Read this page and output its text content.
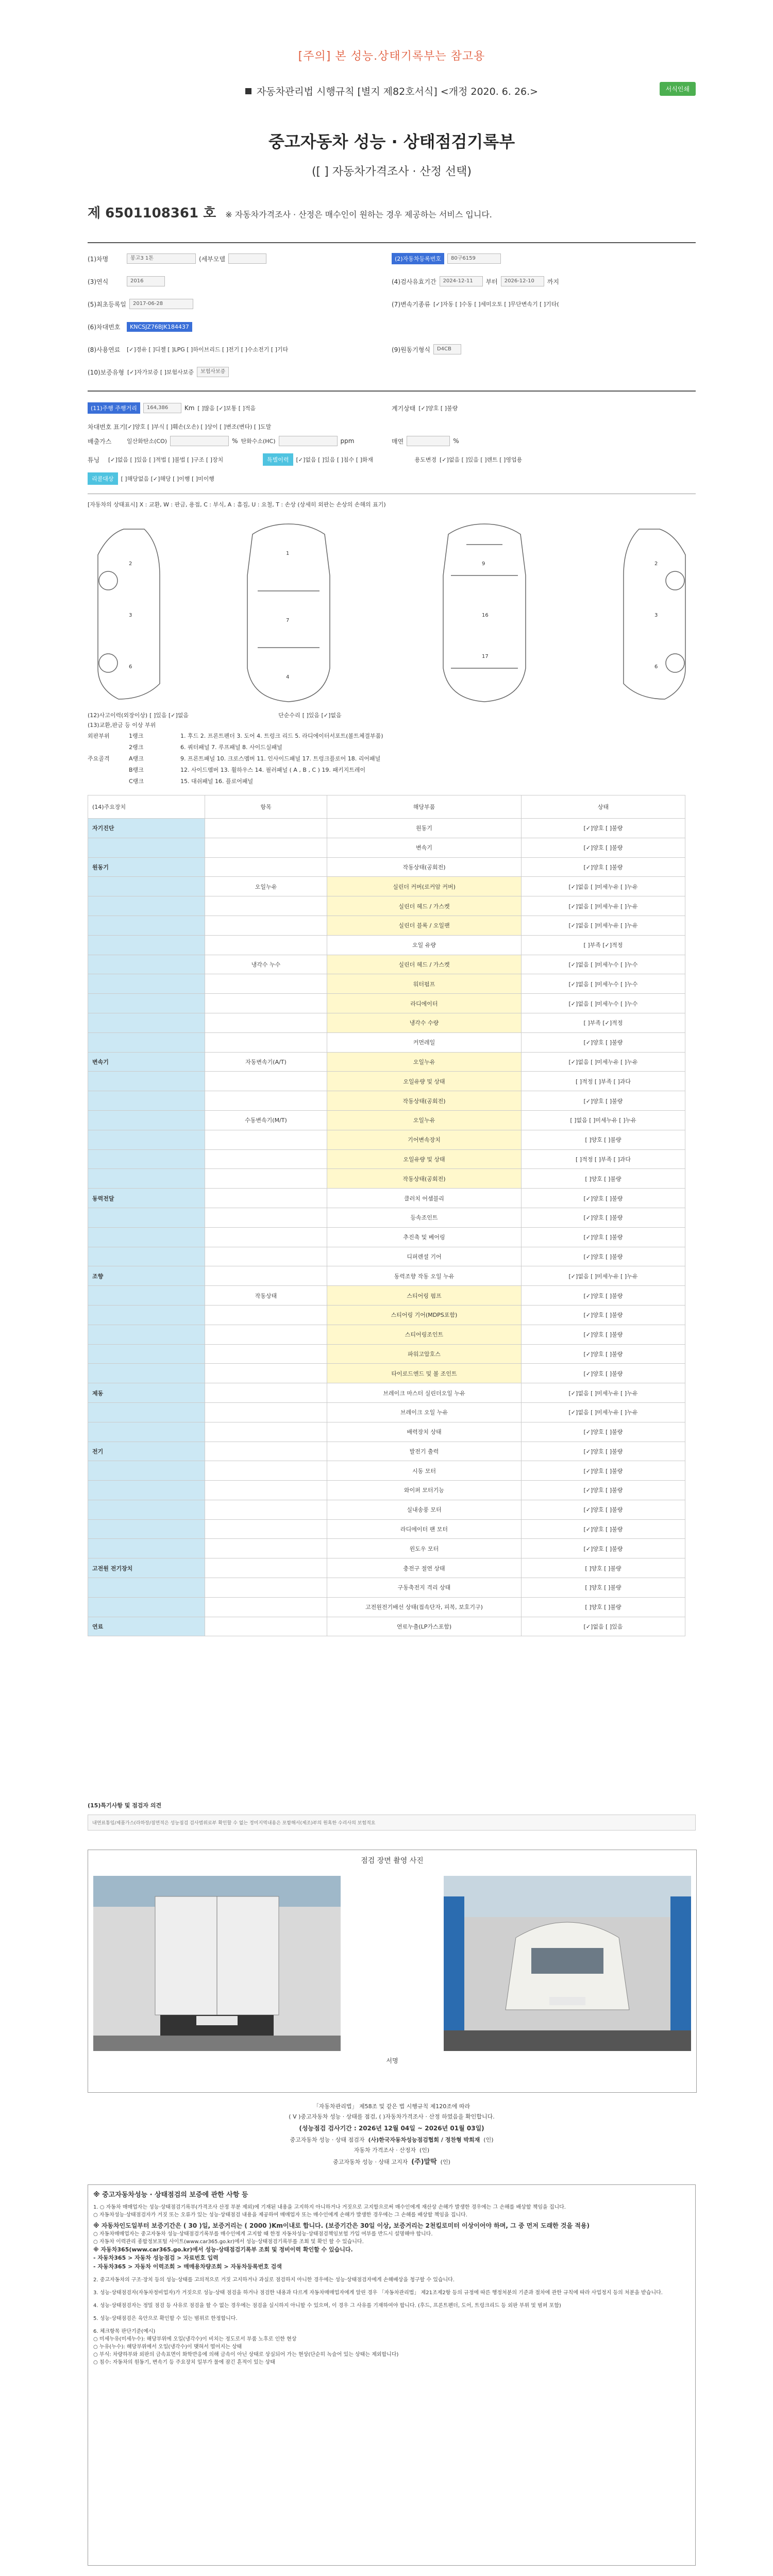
[주의] 본 성능.상태기록부는 참고용
자동차관리법 시행규칙 [별지 제82호서식] <개정 2020. 6. 26.>	서식인쇄
중고자동차 성능 · 상태점검기록부
([ ] 자동차가격조사 · 산정 선택)
제 6501108361 호 ※ 자동차가격조사 · 산정은 매수인이 원하는 경우 제공하는 서비스 입니다.
(1)차명	봉고3 1톤	(세부모델	(2)자동차등록번호	80구6159
(3)연식	2016	(4)검사유효기간	2024-12-11	부터	2026-12-10	까지
(5)최초등록일	2017-06-28	(7)변속기종류 [✓]자동 [ ]수동 [ ]세미오토 [ ]무단변속기 [ ]기타(
(6)차대번호	KNCSJZ76BJK184437
(8)사용연료	[✓]경유 [ ]디젤 [ ]LPG [ ]하이브리드 [ ]전기 [ ]수소전기 [ ]기타	(9)원동기형식	D4CB
(10)보증유형 [✓]자가보증 [ ]보험사보증	보험사보증
(11)주행 주행거리	164,386	Km [ ]많음 [✓]보통 [ ]적음	계기상태 [✓]양호 [ ]불량
차대번호 표기 [✓]양호 [ ]부식 [ ]훼손(오손) [ ]상이 [ ]변조(변타) [ ]도말
배출가스	일산화탄소(CO)	% 탄화수소(HC)	ppm	매연	%
튜닝	[✓]없음 [ ]있음 [ ]적법 [ ]불법 [ ]구조 [ ]장치	특별이력	[✓]없음 [ ]있음 [ ]침수 [ ]화재	용도변경 [✓]없음 [ ]있음 [ ]렌트 [ ]영업용
리콜대상	[ ]해당없음 [✓]해당 [ ]이행 [ ]미이행
[자동차의 상태표시] X : 교환, W : 판금, 용접, C : 부식, A : 흠집, U : 요철, T : 손상 (상세히 외판는 손상의 손해의 표기)
2
3
6
1
7
4
9
16
17
2
3
6
(12)사고이력(외장이상) [ ]있음 [✓]없음	단순수리 [ ]있음 [✓]없음
(13)교환,판금 등 이상 부위
외판부위	1랭크	1. 후드 2. 프론트펜더 3. 도어 4. 트렁크 리드 5. 라디에이터서포트(볼트체결부품)
2랭크	6. 쿼터패널 7. 루프패널 8. 사이드실패널
주요골격	A랭크	9. 프론트패널 10. 크로스멤버 11. 인사이드패널 17. 트렁크플로어 18. 리어패널
B랭크	12. 사이드멤버 13. 휠하우스 14. 필러패널 ( A , B , C ) 19. 패키지트레이
C랭크	15. 대쉬패널 16. 플로어패널
(14)주요장치	항목	해당부품	상태
자기진단		원동기	[✓]양호 [ ]불량
		변속기	[✓]양호 [ ]불량
원동기		작동상태(공회전)	[✓]양호 [ ]불량
	오일누유	실린더 커버(로커암 커버)	[✓]없음 [ ]미세누유 [ ]누유
		실린더 헤드 / 가스켓	[✓]없음 [ ]미세누유 [ ]누유
		실린더 블록 / 오일팬	[✓]없음 [ ]미세누유 [ ]누유
		오일 유량	[ ]부족 [✓]적정
	냉각수 누수	실린더 헤드 / 가스켓	[✓]없음 [ ]미세누수 [ ]누수
		워터펌프	[✓]없음 [ ]미세누수 [ ]누수
		라디에이터	[✓]없음 [ ]미세누수 [ ]누수
		냉각수 수량	[ ]부족 [✓]적정
		커먼레일	[✓]양호 [ ]불량
변속기	자동변속기(A/T)	오일누유	[✓]없음 [ ]미세누유 [ ]누유
		오일유량 및 상태	[ ]적정 [ ]부족 [ ]과다
		작동상태(공회전)	[✓]양호 [ ]불량
	수동변속기(M/T)	오일누유	[ ]없음 [ ]미세누유 [ ]누유
		기어변속장치	[ ]양호 [ ]불량
		오일유량 및 상태	[ ]적정 [ ]부족 [ ]과다
		작동상태(공회전)	[ ]양호 [ ]불량
동력전달		클러치 어셈블리	[✓]양호 [ ]불량
		등속조인트	[✓]양호 [ ]불량
		추진축 및 베어링	[✓]양호 [ ]불량
		디퍼렌셜 기어	[✓]양호 [ ]불량
조향		동력조향 작동 오일 누유	[✓]없음 [ ]미세누유 [ ]누유
	작동상태	스티어링 펌프	[✓]양호 [ ]불량
		스티어링 기어(MDPS포함)	[✓]양호 [ ]불량
		스티어링조인트	[✓]양호 [ ]불량
		파워고압호스	[✓]양호 [ ]불량
		타이로드엔드 및 볼 조인트	[✓]양호 [ ]불량
제동		브레이크 마스터 실린더오일 누유	[✓]없음 [ ]미세누유 [ ]누유
		브레이크 오일 누유	[✓]없음 [ ]미세누유 [ ]누유
		배력장치 상태	[✓]양호 [ ]불량
전기		발전기 출력	[✓]양호 [ ]불량
		시동 모터	[✓]양호 [ ]불량
		와이퍼 모터기능	[✓]양호 [ ]불량
		실내송풍 모터	[✓]양호 [ ]불량
		라디에이터 팬 모터	[✓]양호 [ ]불량
		윈도우 모터	[✓]양호 [ ]불량
고전원 전기장치		충전구 절연 상태	[ ]양호 [ ]불량
		구동축전지 격리 상태	[ ]양호 [ ]불량
		고전원전기배선 상태(접속단자, 피복, 보호기구)	[ ]양호 [ ]불량
연료		연료누출(LP가스포함)	[✓]없음 [ ]있음
(15)특기사항 및 점검자 의견
내연료통임/제품가스(라하장/점면적은 성능점검 검사범위로부 확인할 수 없는 정미지역내용은 포함해서(제조)부의 원혹한 수리사의 보험적요
점검 장면 촬영 사진
서명
「자동차관리법」 제58조 및 같은 법 시행규칙 제120조에 따라
( V )중고자동차 성능 · 상태를 점검, ( )자동차가격조사 · 산정 하였음을 확인합니다.
(성능점검 검사기간 : 2026년 12월 04일 ~ 2026년 01월 03일)
중고자동차 성능 · 상태 점검자 (사)한국자동차성능점검협회 / 정찬형 박희재 (인)
자동차 가격조사 · 산정자 (인)
중고자동차 성능 · 상태 고지자 (주)말딱 (인)
※ 중고자동차성능 · 상태점검의 보증에 관한 사항 등
1. ○ 자동차 매매업자는 성능·상태점검기록부(가격조사 산정 부분 제외)에 기재된 내용을 고지하지 아니하거나 거짓으로 고지함으로써 매수인에게 재산상 손해가 발생한 경우에는 그 손해를 배상할 책임을 집니다.
○ 자동차성능·상태점검자가 거짓 또는 오류가 있는 성능·상태점검 내용을 제공하여 매매업자 또는 매수인에게 손해가 발생한 경우에는 그 손해를 배상할 책임을 집니다.
※ 자동차인도일부터 보증기간은 ( 30 )일, 보증거리는 ( 2000 )Km이내로 합니다. (보증기간은 30일 이상, 보증거리는 2천킬로미터 이상이어야 하며, 그 중 먼저 도래한 것을 적용)
○ 자동차매매업자는 중고자동차 성능·상태점검기록부를 매수인에게 고지할 때 한정 자동차성능·상태점검책임보험 가입 여부를 반드시 설명해야 합니다.
○ 자동차 이력관리 종합정보포털 사이트(www.car365.go.kr)에서 성능·상태점검기록부를 조회 및 확인 할 수 있습니다.
※ 자동차365(www.car365.go.kr)에서 성능·상태점검기록부 조회 및 정비이력 확인할 수 있습니다.
- 자동차365 > 자동차 성능점검 > 자료번호 입력
- 자동차365 > 자동차 이력조회 > 매매용차량조회 > 자동차등록번호 검색
2. 중고자동차의 구조·장치 등의 성능·상태를 고의적으로 거짓 고지하거나 과실로 점검하지 아니한 경우에는 성능·상태점검자에게 손해배상을 청구할 수 있습니다.
3. 성능·상태점검자(자동차정비업자)가 거짓으로 성능·상태 점검을 하거나 점검한 내용과 다르게 자동차매매업자에게 알린 경우 「자동차관리법」 제21조제2항 등의 규정에 따른 행정처분의 기준과 절차에 관한 규칙에 따라 사업정지 등의 처분을 받습니다.
4. 성능·상태점검자는 정밀 점검 등 사유로 점검을 할 수 없는 경우에는 점검을 실시하지 아니할 수 있으며, 이 경우 그 사유를 기재하여야 합니다. (후드, 프론트펜더, 도어, 트렁크리드 등 외판 부위 및 범퍼 포함)
5. 성능·상태점검은 육안으로 확인할 수 있는 범위로 한정합니다.
6. 체크항목 판단기준(예시)
○ 미세누유(미세누수): 해당부위에 오일(냉각수)이 비치는 정도로서 부품 노후로 인한 현상
○ 누유(누수): 해당부위에서 오일(냉각수)이 맺혀서 떨어지는 상태
○ 부식: 차량하부와 외판의 금속표면이 화학반응에 의해 금속이 아닌 상태로 상실되어 가는 현상(단순히 녹슬어 있는 상태는 제외합니다)
○ 침수: 자동차의 원동기, 변속기 등 주요장치 일부가 물에 잠긴 흔적이 있는 상태
